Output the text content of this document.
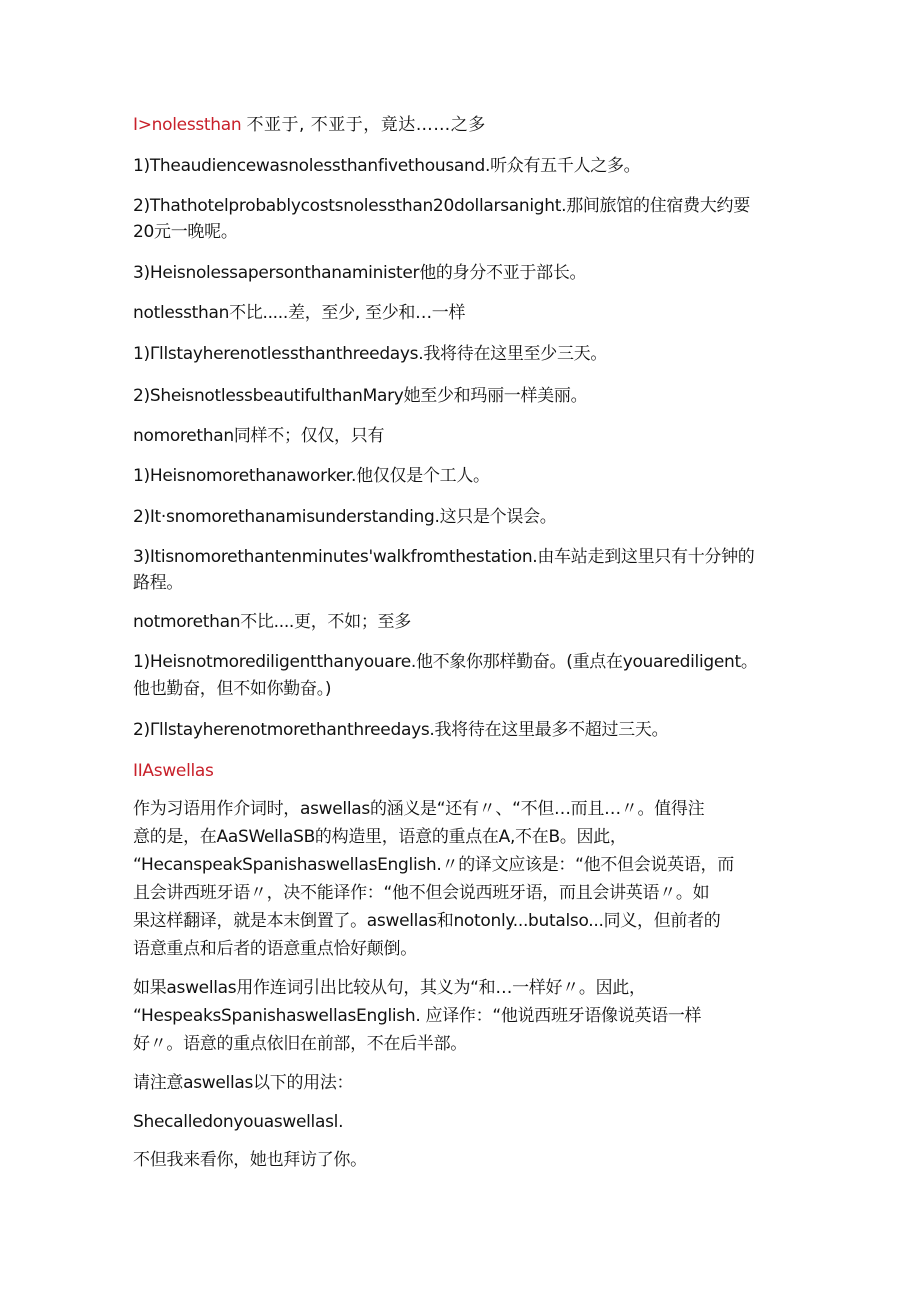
I>nolessthan 不亚于, 不亚于，竟达……之多
1)Theaudiencewasnolessthanfivethousand.听众有五千人之多。
2)Thathotelprobablycostsnolessthan20dollarsanight.那间旅馆的住宿费大约要
20元一晚呢。
3)Heisnolessapersonthanaminister他的身分不亚于部长。
notlessthan不比.....差，至少, 至少和…一样
1)Γllstayherenotlessthanthreedays.我将待在这里至少三天。
2)SheisnotlessbeautifulthanMary她至少和玛丽一样美丽。
nomorethan同样不；仅仅，只有
1)Heisnomorethanaworker.他仅仅是个工人。
2)It·snomorethanamisunderstanding.这只是个误会。
3)Itisnomorethantenminutes'walkfromthestation.由车站走到这里只有十分钟的
路程。
notmorethan不比....更，不如；至多
1)Heisnotmorediligentthanyouare.他不象你那样勤奋。(重点在youarediligent。
他也勤奋，但不如你勤奋。)
2)Γllstayherenotmorethanthreedays.我将待在这里最多不超过三天。
IIAswellas
作为习语用作介词时，aswellas的涵义是“还有〃、“不但…而且…〃。值得注
意的是，在AaSWellaSB的构造里，语意的重点在A,不在B。因此，
“HecanspeakSpanishaswellasEnglish.〃的译文应该是：“他不但会说英语，而
且会讲西班牙语〃，决不能译作：“他不但会说西班牙语，而且会讲英语〃。如
果这样翻译，就是本末倒置了。aswellas和notonly...butalso...同义，但前者的
语意重点和后者的语意重点恰好颠倒。
如果aswellas用作连词引出比较从句，其义为“和…一样好〃。因此，
“HespeaksSpanishaswellasEnglish. 应译作：“他说西班牙语像说英语一样
好〃。语意的重点依旧在前部，不在后半部。
请注意aswellas以下的用法：
Shecalledonyouaswellasl.
不但我来看你，她也拜访了你。
